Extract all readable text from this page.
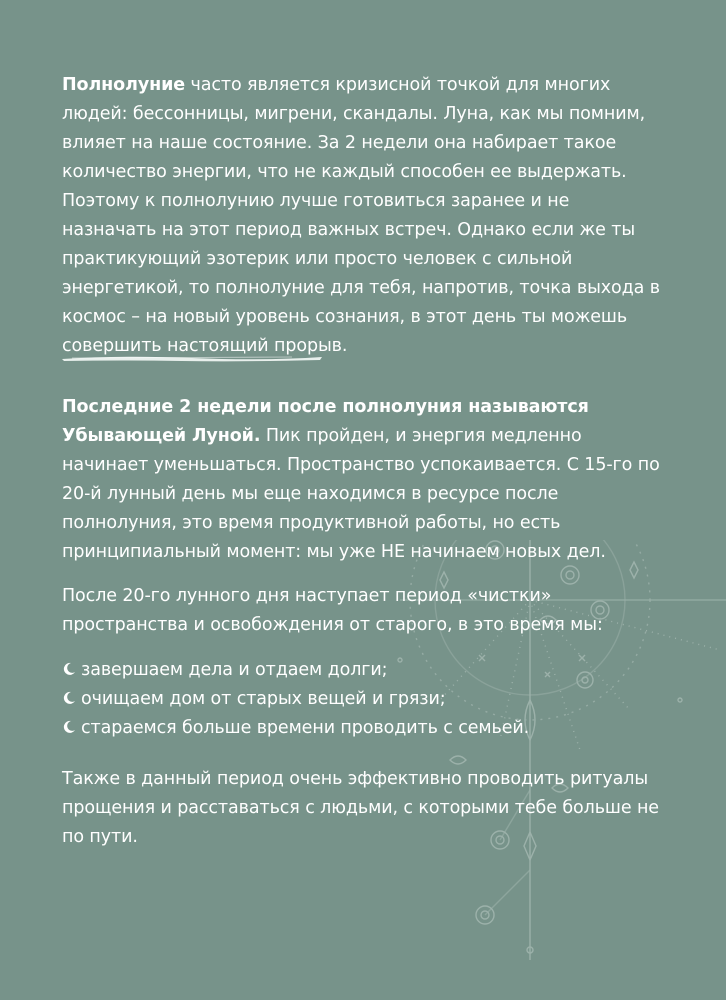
Полнолуние часто является кризисной точкой для многих людей: бессонницы, мигрени, скандалы. Луна, как мы помним, влияет на наше состояние. За 2 недели она набирает такое количество энергии, что не каждый способен ее выдержать. Поэтому к полнолунию лучше готовиться заранее и не назначать на этот период важных встреч. Однако если же ты практикующий эзотерик или просто человек с сильной энергетикой, то полнолуние для тебя, напротив, точка выхода в космос – на новый уровень сознания, в этот день ты можешь совершить настоящий прорыв.

Последние 2 недели после полнолуния называются Убывающей Луной. Пик пройден, и энергия медленно начинает уменьшаться. Пространство успокаивается. С 15-го по 20-й лунный день мы еще находимся в ресурсе после полнолуния, это время продуктивной работы, но есть принципиальный момент: мы уже НЕ начинаем новых дел.

После 20-го лунного дня наступает период «чистки» пространства и освобождения от старого, в это время мы:

завершаем дела и отдаем долги;
очищаем дом от старых вещей и грязи;
стараемся больше времени проводить с семьей.

Также в данный период очень эффективно проводить ритуалы прощения и расставаться с людьми, с которыми тебе больше не по пути.
